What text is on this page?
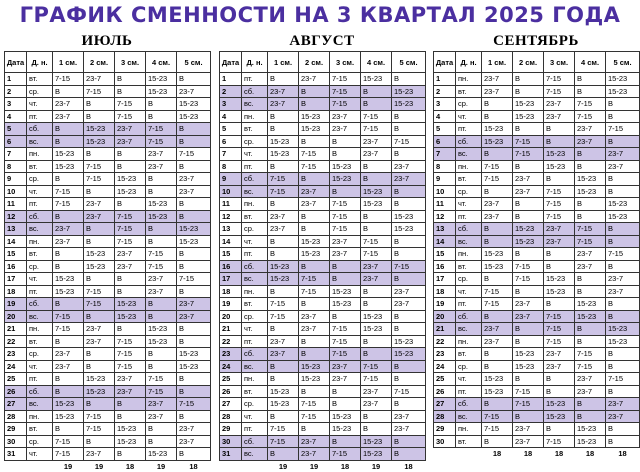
ГРАФИК СМЕННОСТИ НА 3 КВАРТАЛ 2025 ГОДА
ИЮЛЬ
Дата	Д. н.	1 см.	2 см.	3 см.	4 см.	5 см.
1	вт.	7-15	23-7	В	15-23	В
2	ср.	В	7-15	В	15-23	23-7
3	чт.	23-7	В	7-15	В	15-23
4	пт.	23-7	В	7-15	В	15-23
5	сб.	В	15-23	23-7	7-15	В
6	вс.	В	15-23	23-7	7-15	В
7	пн.	15-23	В	В	23-7	7-15
8	вт.	15-23	7-15	В	23-7	В
9	ср.	В	7-15	15-23	В	23-7
10	чт.	7-15	В	15-23	В	23-7
11	пт.	7-15	23-7	В	15-23	В
12	сб.	В	23-7	7-15	15-23	В
13	вс.	23-7	В	7-15	В	15-23
14	пн.	23-7	В	7-15	В	15-23
15	вт.	В	15-23	23-7	7-15	В
16	ср.	В	15-23	23-7	7-15	В
17	чт.	15-23	В	В	23-7	7-15
18	пт.	15-23	7-15	В	23-7	В
19	сб.	В	7-15	15-23	В	23-7
20	вс.	7-15	В	15-23	В	23-7
21	пн.	7-15	23-7	В	15-23	В
22	вт.	В	23-7	7-15	15-23	В
23	ср.	23-7	В	7-15	В	15-23
24	чт.	23-7	В	7-15	В	15-23
25	пт.	В	15-23	23-7	7-15	В
26	сб.	В	15-23	23-7	7-15	В
27	вс.	15-23	В	В	23-7	7-15
28	пн.	15-23	7-15	В	23-7	В
29	вт.	В	7-15	15-23	В	23-7
30	ср.	7-15	В	15-23	В	23-7
31	чт.	7-15	23-7	В	15-23	В
		19	19	18	19	18
АВГУСТ
Дата	Д. н.	1 см.	2 см.	3 см.	4 см.	5 см.
1	пт.	В	23-7	7-15	15-23	В
2	сб.	23-7	В	7-15	В	15-23
3	вс.	23-7	В	7-15	В	15-23
4	пн.	В	15-23	23-7	7-15	В
5	вт.	В	15-23	23-7	7-15	В
6	ср.	15-23	В	В	23-7	7-15
7	чт.	15-23	7-15	В	23-7	В
8	пт.	В	7-15	15-23	В	23-7
9	сб.	7-15	В	15-23	В	23-7
10	вс.	7-15	23-7	В	15-23	В
11	пн.	В	23-7	7-15	15-23	В
12	вт.	23-7	В	7-15	В	15-23
13	ср.	23-7	В	7-15	В	15-23
14	чт.	В	15-23	23-7	7-15	В
15	пт.	В	15-23	23-7	7-15	В
16	сб.	15-23	В	В	23-7	7-15
17	вс.	15-23	7-15	В	23-7	В
18	пн.	В	7-15	15-23	В	23-7
19	вт.	7-15	В	15-23	В	23-7
20	ср.	7-15	23-7	В	15-23	В
21	чт.	В	23-7	7-15	15-23	В
22	пт.	23-7	В	7-15	В	15-23
23	сб.	23-7	В	7-15	В	15-23
24	вс.	В	15-23	23-7	7-15	В
25	пн.	В	15-23	23-7	7-15	В
26	вт.	15-23	В	В	23-7	7-15
27	ср.	15-23	7-15	В	23-7	В
28	чт.	В	7-15	15-23	В	23-7
29	пт.	7-15	В	15-23	В	23-7
30	сб.	7-15	23-7	В	15-23	В
31	вс.	В	23-7	7-15	15-23	В
		19	19	18	19	18
СЕНТЯБРЬ
Дата	Д. н.	1 см.	2 см.	3 см.	4 см.	5 см.
1	пн.	23-7	В	7-15	В	15-23
2	вт.	23-7	В	7-15	В	15-23
3	ср.	В	15-23	23-7	7-15	В
4	чт.	В	15-23	23-7	7-15	В
5	пт.	15-23	В	В	23-7	7-15
6	сб.	15-23	7-15	В	23-7	В
7	вс.	В	7-15	15-23	В	23-7
8	пн.	7-15	В	15-23	В	23-7
9	вт.	7-15	23-7	В	15-23	В
10	ср.	В	23-7	7-15	15-23	В
11	чт.	23-7	В	7-15	В	15-23
12	пт.	23-7	В	7-15	В	15-23
13	сб.	В	15-23	23-7	7-15	В
14	вс.	В	15-23	23-7	7-15	В
15	пн.	15-23	В	В	23-7	7-15
16	вт.	15-23	7-15	В	23-7	В
17	ср.	В	7-15	15-23	В	23-7
18	чт.	7-15	В	15-23	В	23-7
19	пт.	7-15	23-7	В	15-23	В
20	сб.	В	23-7	7-15	15-23	В
21	вс.	23-7	В	7-15	В	15-23
22	пн.	23-7	В	7-15	В	15-23
23	вт.	В	15-23	23-7	7-15	В
24	ср.	В	15-23	23-7	7-15	В
25	чт.	15-23	В	В	23-7	7-15
26	пт.	15-23	7-15	В	23-7	В
27	сб.	В	7-15	15-23	В	23-7
28	вс.	7-15	В	15-23	В	23-7
29	пн.	7-15	23-7	В	15-23	В
30	вт.	В	23-7	7-15	15-23	В
		18	18	18	18	18
